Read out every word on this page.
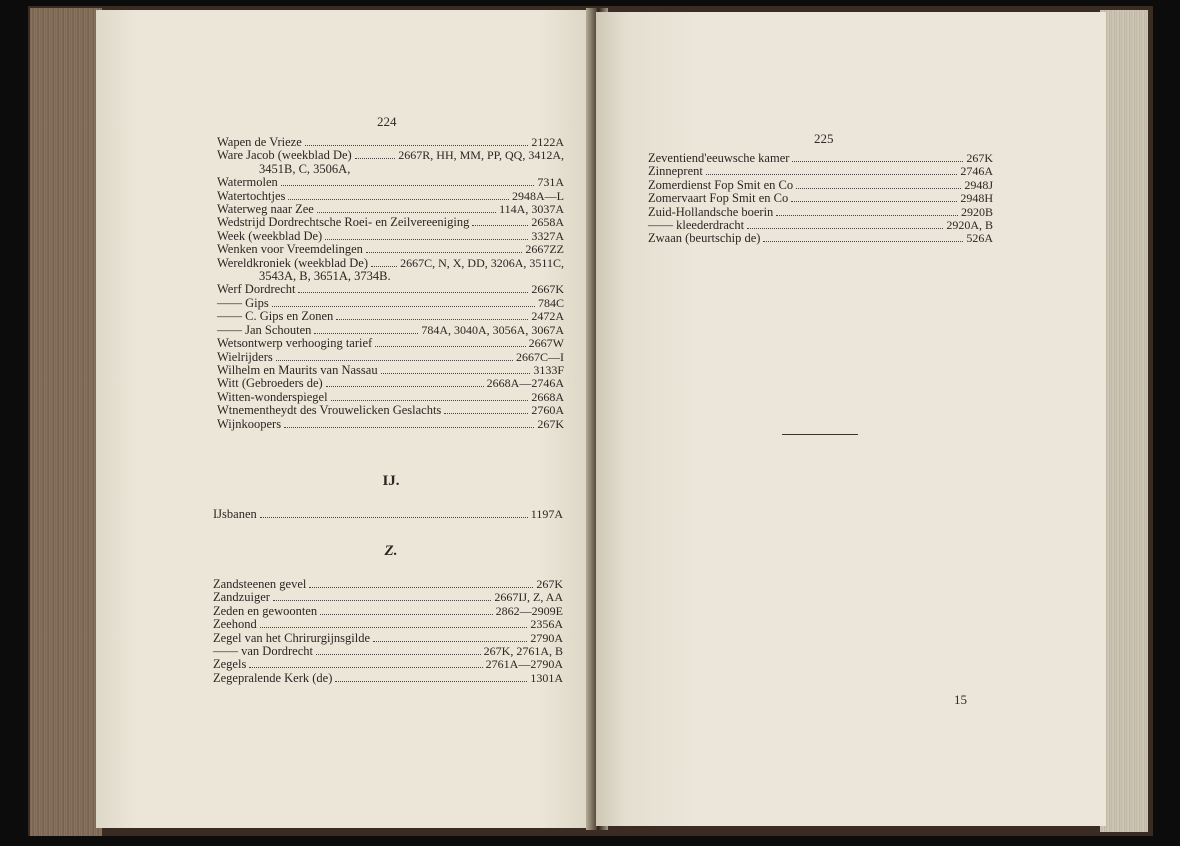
224
Wapen de Vrieze	2122A
Ware Jacob (weekblad De)	2667R, HH, MM, PP, QQ, 3412A,
3451B, C, 3506A,
Watermolen	731A
Watertochtjes	2948A—L
Waterweg naar Zee	114A, 3037A
Wedstrijd Dordrechtsche Roei- en Zeilvereeniging	2658A
Week (weekblad De)	3327A
Wenken voor Vreemdelingen	2667ZZ
Wereldkroniek (weekblad De)	2667C, N, X, DD, 3206A, 3511C,
3543A, B, 3651A, 3734B.
Werf Dordrecht	2667K
—— Gips	784C
—— C. Gips en Zonen	2472A
—— Jan Schouten	784A, 3040A, 3056A, 3067A
Wetsontwerp verhooging tarief	2667W
Wielrijders	2667C—I
Wilhelm en Maurits van Nassau	3133F
Witt (Gebroeders de)	2668A—2746A
Witten-wonderspiegel	2668A
Wtnementheydt des Vrouwelicken Geslachts	2760A
Wijnkoopers	267K
IJ.
IJsbanen	1197A
Z.
Zandsteenen gevel	267K
Zandzuiger	2667IJ, Z, AA
Zeden en gewoonten	2862—2909E
Zeehond	2356A
Zegel van het Chrirurgijnsgilde	2790A
—— van Dordrecht	267K, 2761A, B
Zegels	2761A—2790A
Zegepralende Kerk (de)	1301A
225
Zeventiend'eeuwsche kamer	267K
Zinneprent	2746A
Zomerdienst Fop Smit en Co	2948J
Zomervaart Fop Smit en Co	2948H
Zuid-Hollandsche boerin	2920B
—— kleederdracht	2920A, B
Zwaan (beurtschip de)	526A
15
